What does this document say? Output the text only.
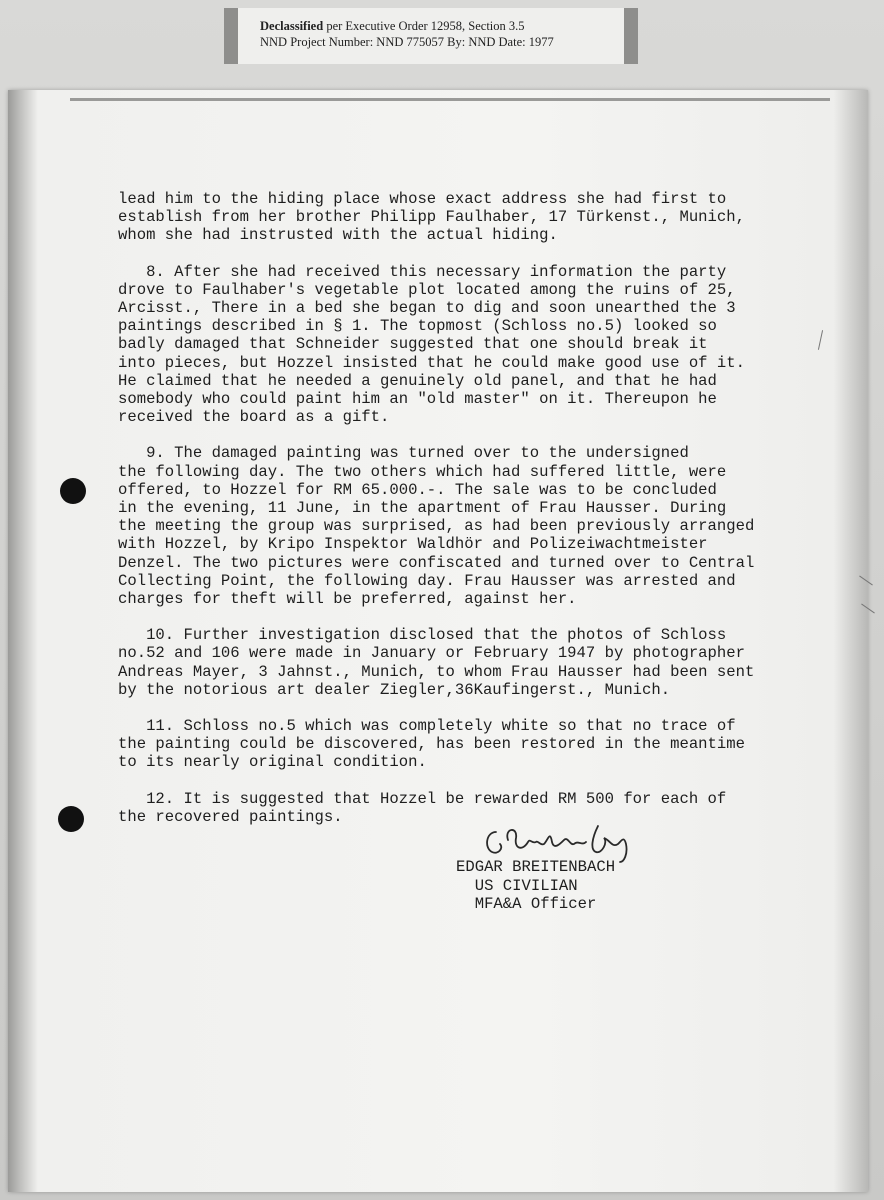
Declassified per Executive Order 12958, Section 3.5
NND Project Number: NND 775057 By: NND Date: 1977
lead him to the hiding place whose exact address she had first to
establish from her brother Philipp Faulhaber, 17 Türkenst., Munich,
whom she had instrusted with the actual hiding.
8. After she had received this necessary information the party
drove to Faulhaber's vegetable plot located among the ruins of 25,
Arcisst., There in a bed she began to dig and soon unearthed the 3
paintings described in § 1. The topmost (Schloss no.5) looked so
badly damaged that Schneider suggested that one should break it
into pieces, but Hozzel insisted that he could make good use of it.
He claimed that he needed a genuinely old panel, and that he had
somebody who could paint him an "old master" on it. Thereupon he
received the board as a gift.
9. The damaged painting was turned over to the undersigned
the following day. The two others which had suffered little, were
offered, to Hozzel for RM 65.000.-. The sale was to be concluded
in the evening, 11 June, in the apartment of Frau Hausser. During
the meeting the group was surprised, as had been previously arranged
with Hozzel, by Kripo Inspektor Waldhör and Polizeiwachtmeister
Denzel. The two pictures were confiscated and turned over to Central
Collecting Point, the following day. Frau Hausser was arrested and
charges for theft will be preferred, against her.
10. Further investigation disclosed that the photos of Schloss
no.52 and 106 were made in January or February 1947 by photographer
Andreas Mayer, 3 Jahnst., Munich, to whom Frau Hausser had been sent
by the notorious art dealer Ziegler,36Kaufingerst., Munich.
11. Schloss no.5 which was completely white so that no trace of
the painting could be discovered, has been restored in the meantime
to its nearly original condition.
12. It is suggested that Hozzel be rewarded RM 500 for each of
the recovered paintings.
EDGAR BREITENBACH
US CIVILIAN
MFA&A Officer
